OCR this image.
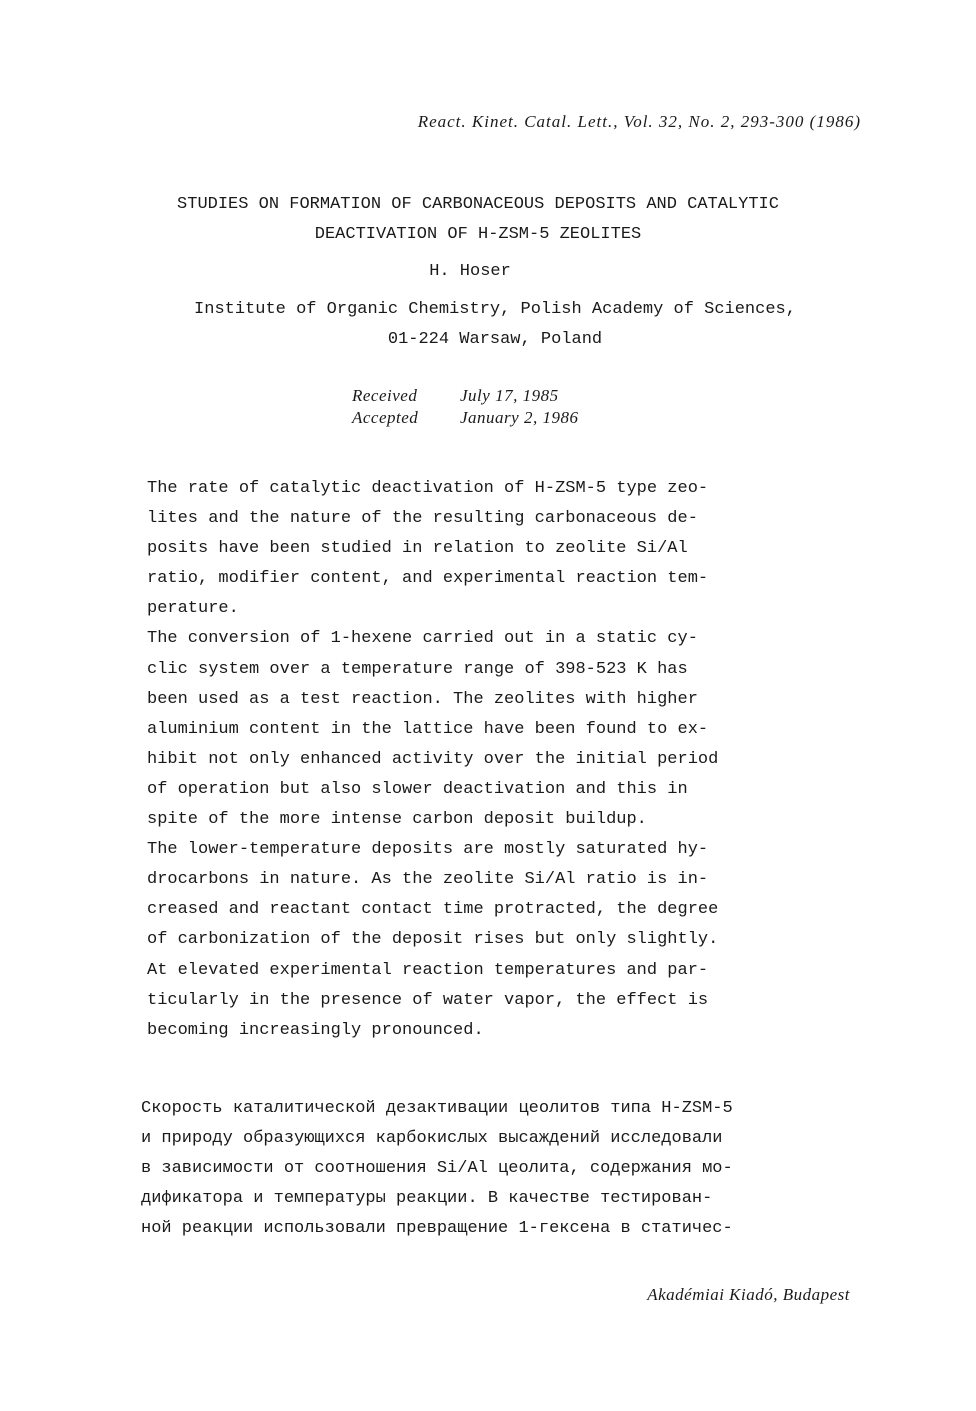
React. Kinet. Catal. Lett., Vol. 32, No. 2, 293-300 (1986)
STUDIES ON FORMATION OF CARBONACEOUS DEPOSITS AND CATALYTIC
DEACTIVATION OF H-ZSM-5 ZEOLITES
H. Hoser
Institute of Organic Chemistry, Polish Academy of Sciences,
01-224 Warsaw, Poland
Received	July 17, 1985
Accepted January 2, 1986
The rate of catalytic deactivation of H-ZSM-5 type zeo-
lites and the nature of the resulting carbonaceous de-
posits have been studied in relation to zeolite Si/Al
ratio, modifier content, and experimental reaction tem-
perature.
The conversion of 1-hexene carried out in a static cy-
clic system over a temperature range of 398-523 K has
been used as a test reaction. The zeolites with higher
aluminium content in the lattice have been found to ex-
hibit not only enhanced activity over the initial period
of operation but also slower deactivation and this in
spite of the more intense carbon deposit buildup.
The lower-temperature deposits are mostly saturated hy-
drocarbons in nature. As the zeolite Si/Al ratio is in-
creased and reactant contact time protracted, the degree
of carbonization of the deposit rises but only slightly.
At elevated experimental reaction temperatures and par-
ticularly in the presence of water vapor, the effect is
becoming increasingly pronounced.
Скорость каталитической дезактивации цеолитов типа H-ZSM-5
и природу образующихся карбокислых высаждений исследовали
в зависимости от соотношения Si/Al цеолита, содержания мо-
дификатора и температуры реакции. В качестве тестирован-
ной реакции использовали превращение 1-гексена в статичес-
Akadémiai Kiadó, Budapest
